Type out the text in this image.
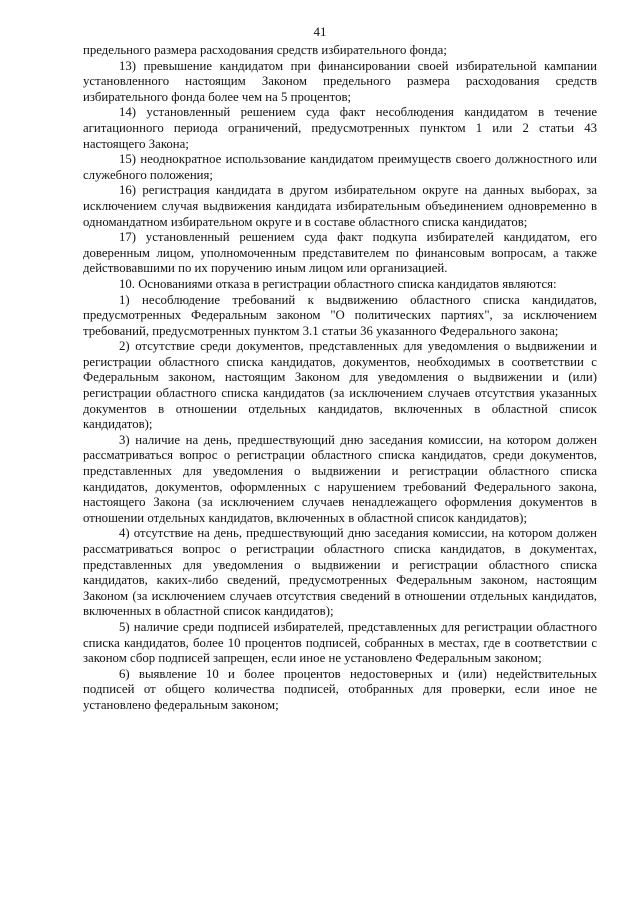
41

предельного размера расходования средств избирательного фонда;

13) превышение кандидатом при финансировании своей избирательной кампании установленного настоящим Законом предельного размера расходования средств избирательного фонда более чем на 5 процентов;

14) установленный решением суда факт несоблюдения кандидатом в течение агитационного периода ограничений, предусмотренных пунктом 1 или 2 статьи 43 настоящего Закона;

15) неоднократное использование кандидатом преимуществ своего должностного или служебного положения;

16) регистрация кандидата в другом избирательном округе на данных выборах, за исключением случая выдвижения кандидата избирательным объединением одновременно в одномандатном избирательном округе и в составе областного списка кандидатов;

17) установленный решением суда факт подкупа избирателей кандидатом, его доверенным лицом, уполномоченным представителем по финансовым вопросам, а также действовавшими по их поручению иным лицом или организацией.

10. Основаниями отказа в регистрации областного списка кандидатов являются:

1) несоблюдение требований к выдвижению областного списка кандидатов, предусмотренных Федеральным законом "О политических партиях", за исключением требований, предусмотренных пунктом 3.1 статьи 36 указанного Федерального закона;

2) отсутствие среди документов, представленных для уведомления о выдвижении и регистрации областного списка кандидатов, документов, необходимых в соответствии с Федеральным законом, настоящим Законом для уведомления о выдвижении и (или) регистрации областного списка кандидатов (за исключением случаев отсутствия указанных документов в отношении отдельных кандидатов, включенных в областной список кандидатов);

3) наличие на день, предшествующий дню заседания комиссии, на котором должен рассматриваться вопрос о регистрации областного списка кандидатов, среди документов, представленных для уведомления о выдвижении и регистрации областного списка кандидатов, документов, оформленных с нарушением требований Федерального закона, настоящего Закона (за исключением случаев ненадлежащего оформления документов в отношении отдельных кандидатов, включенных в областной список кандидатов);

4) отсутствие на день, предшествующий дню заседания комиссии, на котором должен рассматриваться вопрос о регистрации областного списка кандидатов, в документах, представленных для уведомления о выдвижении и регистрации областного списка кандидатов, каких-либо сведений, предусмотренных Федеральным законом, настоящим Законом (за исключением случаев отсутствия сведений в отношении отдельных кандидатов, включенных в областной список кандидатов);

5) наличие среди подписей избирателей, представленных для регистрации областного списка кандидатов, более 10 процентов подписей, собранных в местах, где в соответствии с законом сбор подписей запрещен, если иное не установлено Федеральным законом;

6) выявление 10 и более процентов недостоверных и (или) недействительных подписей от общего количества подписей, отобранных для проверки, если иное не установлено федеральным законом;
